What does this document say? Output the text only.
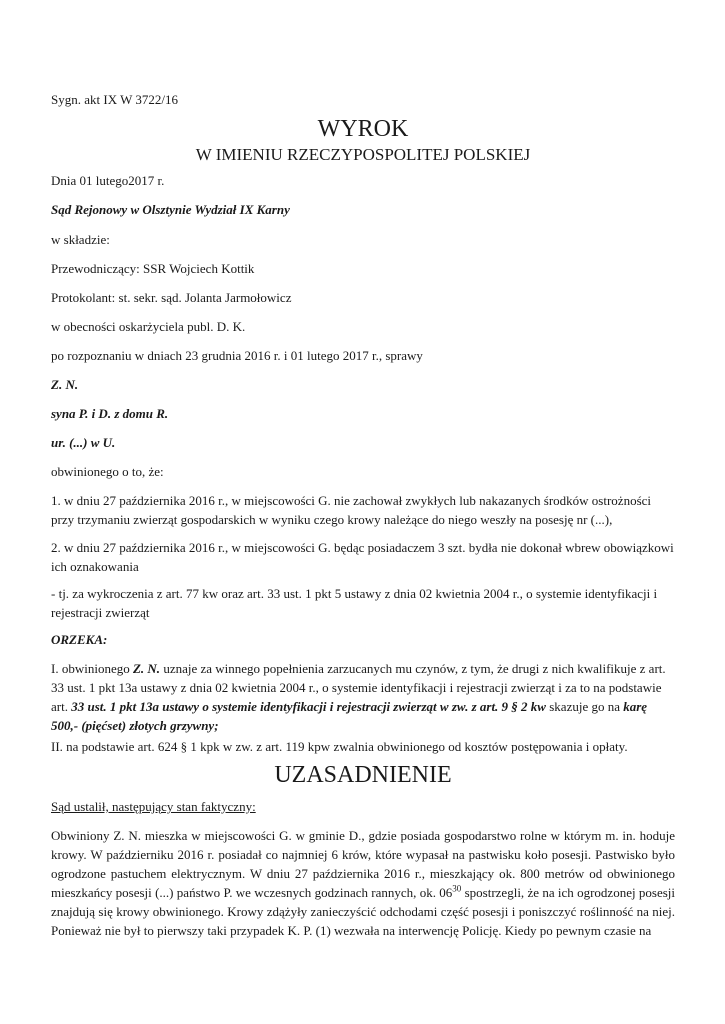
Sygn. akt IX W 3722/16
WYROK
W IMIENIU RZECZYPOSPOLITEJ POLSKIEJ
Dnia 01 lutego2017 r.
Sąd Rejonowy w Olsztynie Wydział IX Karny
w składzie:
Przewodniczący: SSR Wojciech Kottik
Protokolant: st. sekr. sąd. Jolanta Jarmołowicz
w obecności oskarżyciela publ. D. K.
po rozpoznaniu w dniach 23 grudnia 2016 r. i 01 lutego 2017 r., sprawy
Z. N.
syna P. i D. z domu R.
ur. (...) w U.
obwinionego o to, że:
1. w dniu 27 października 2016 r., w miejscowości G. nie zachował zwykłych lub nakazanych środków ostrożności przy trzymaniu zwierząt gospodarskich w wyniku czego krowy należące do niego weszły na posesję nr (...),
2. w dniu 27 października 2016 r., w miejscowości G. będąc posiadaczem 3 szt. bydła nie dokonał wbrew obowiązkowi ich oznakowania
- tj. za wykroczenia z art. 77 kw oraz art. 33 ust. 1 pkt 5 ustawy z dnia 02 kwietnia 2004 r., o systemie identyfikacji i rejestracji zwierząt
ORZEKA:
I. obwinionego Z. N. uznaje za winnego popełnienia zarzucanych mu czynów, z tym, że drugi z nich kwalifikuje z art. 33 ust. 1 pkt 13a ustawy z dnia 02 kwietnia 2004 r., o systemie identyfikacji i rejestracji zwierząt i za to na podstawie art. 33 ust. 1 pkt 13a ustawy o systemie identyfikacji i rejestracji zwierząt w zw. z art. 9 § 2 kw skazuje go na karę 500,- (pięćset) złotych grzywny;
II. na podstawie art. 624 § 1 kpk w zw. z art. 119 kpw zwalnia obwinionego od kosztów postępowania i opłaty.
UZASADNIENIE
Sąd ustalił, następujący stan faktyczny:
Obwiniony Z. N. mieszka w miejscowości G. w gminie D., gdzie posiada gospodarstwo rolne w którym m. in. hoduje krowy. W październiku 2016 r. posiadał co najmniej 6 krów, które wypasał na pastwisku koło posesji. Pastwisko było ogrodzone pastuchem elektrycznym. W dniu 27 października 2016 r., mieszkający ok. 800 metrów od obwinionego mieszkańcy posesji (...) państwo P. we wczesnych godzinach rannych, ok. $06^{30}$ spostrzegli, że na ich ogrodzonej posesji znajdują się krowy obwinionego. Krowy zdążyły zanieczyścić odchodami część posesji i poniszczyć roślinność na niej. Ponieważ nie był to pierwszy taki przypadek K. P. (1) wezwała na interwencję Policję. Kiedy po pewnym czasie na
